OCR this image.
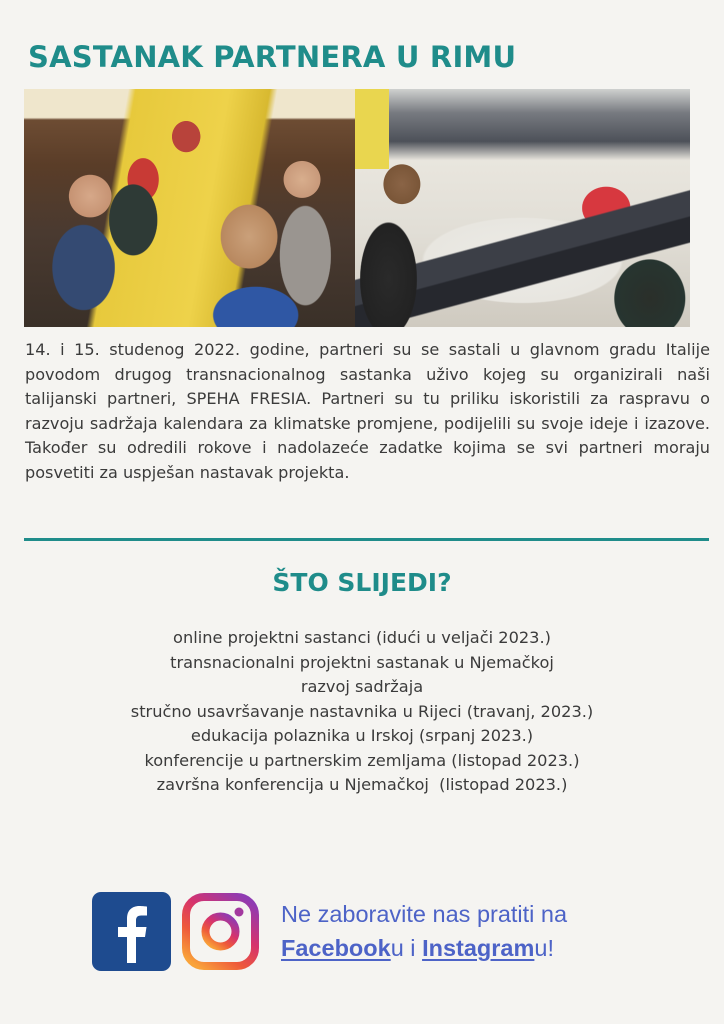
SASTANAK PARTNERA U RIMU

14. i 15. studenog 2022. godine, partneri su se sastali u glavnom gradu Italije povodom drugog transnacionalnog sastanka uživo kojeg su organizirali naši talijanski partneri, SPEHA FRESIA. Partneri su tu priliku iskoristili za raspravu o razvoju sadržaja kalendara za klimatske promjene, podijelili su svoje ideje i izazove. Također su odredili rokove i nadolazeće zadatke kojima se svi partneri moraju posvetiti za uspješan nastavak projekta.

ŠTO SLIJEDI?
online projektni sastanci (idući u veljači 2023.)
transnacionalni projektni sastanak u Njemačkoj
razvoj sadržaja
stručno usavršavanje nastavnika u Rijeci (travanj, 2023.)
edukacija polaznika u Irskoj (srpanj 2023.)
konferencije u partnerskim zemljama (listopad 2023.)
završna konferencija u Njemačkoj  (listopad 2023.)

Ne zaboravite nas pratiti na
Facebooku i Instagramu!
